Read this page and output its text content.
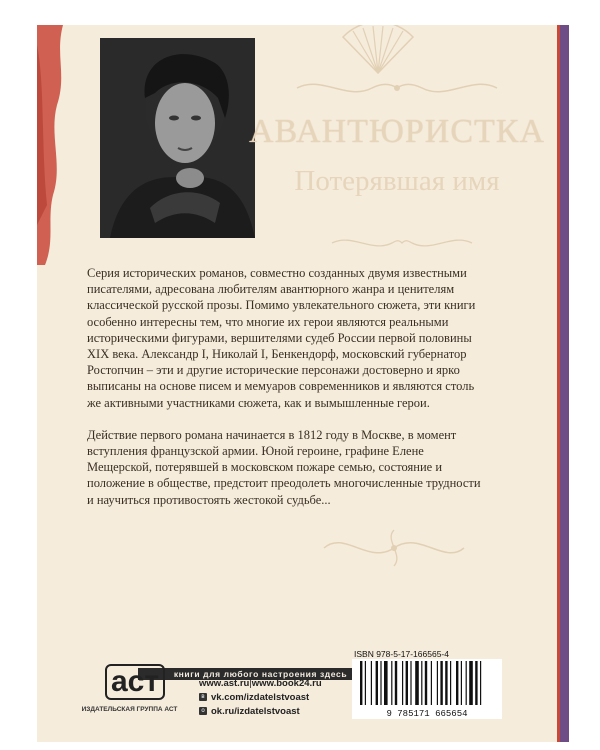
АВАНТЮРИСТКА
Потерявшая имя

Серия исторических романов, совместно созданных двумя известными писателями, адресована любителям авантюрного жанра и ценителям классической русской прозы. Помимо увлекательного сюжета, эти книги особенно интересны тем, что многие их герои являются реальными историческими фигурами, вершителями судеб России первой половины XIX века. Александр I, Николай I, Бенкендорф, московский губернатор Ростопчин – эти и другие исторические персонажи достоверно и ярко выписаны на основе писем и мемуаров современников и являются столь же активными участниками сюжета, как и вымышленные герои.

Действие первого романа начинается в 1812 году в Москве, в момент вступления французской армии. Юной героине, графине Елене Мещерской, потерявшей в московском пожаре семью, состояние и положение в обществе, предстоит преодолеть многочисленные трудности и научиться противостоять жестокой судьбе...

книги для любого настроения здесь
аст
ИЗДАТЕЛЬСКАЯ ГРУППА АСТ
www.ast.ru | www.book24.ru
в vk.com/izdatelstvoast
о ok.ru/izdatelstvoast
ISBN 978-5-17-166565-4
9 785171 665654
